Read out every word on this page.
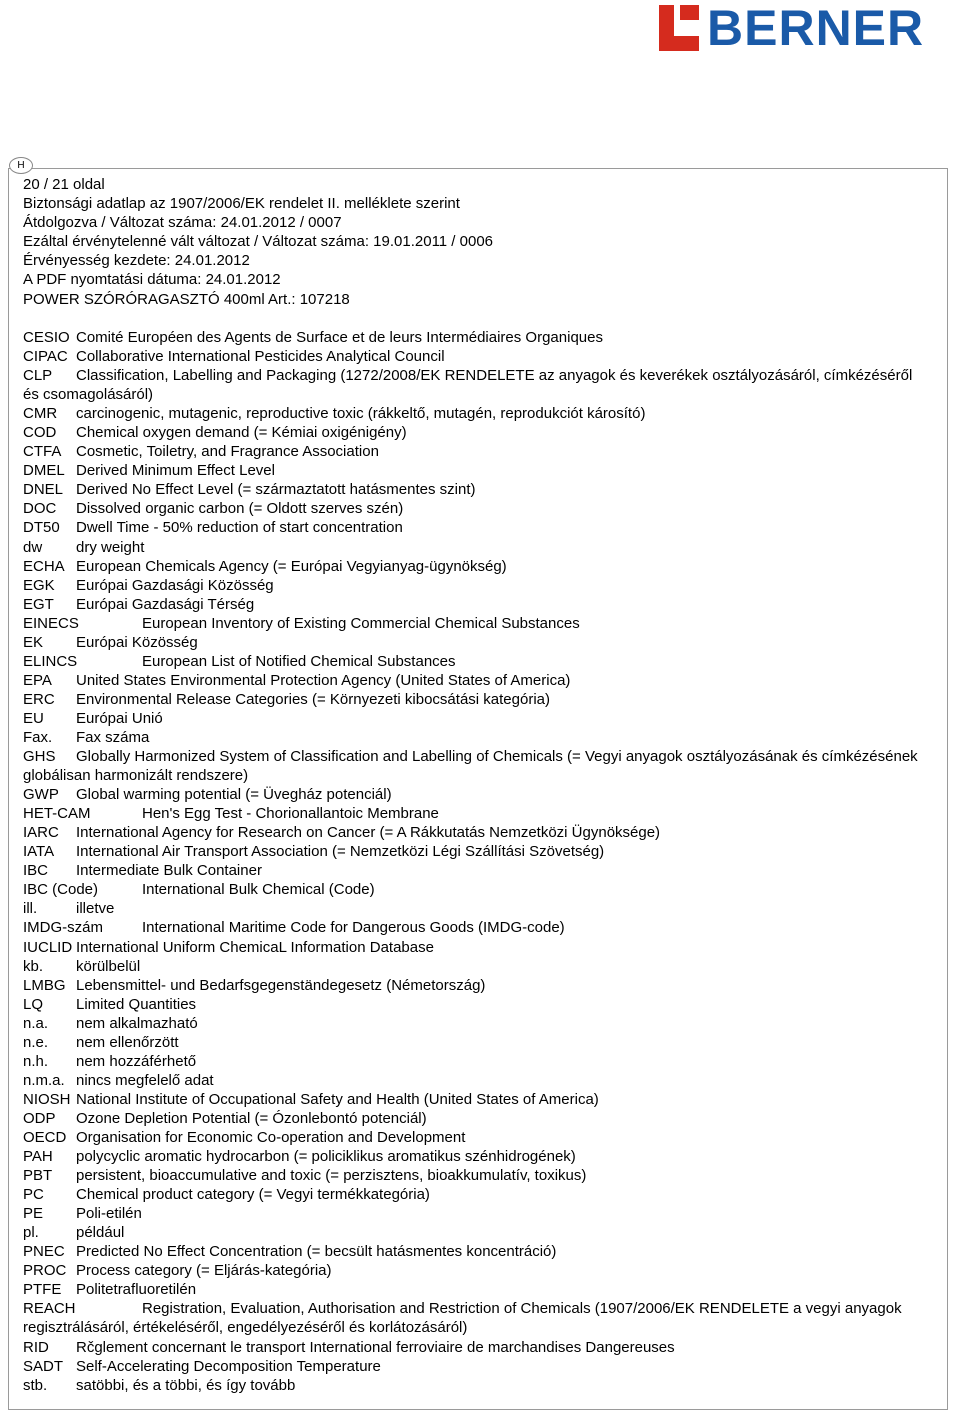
BERNER
H
20 / 21 oldal
Biztonsági adatlap az 1907/2006/EK rendelet II. melléklete szerint
Átdolgozva / Változat száma: 24.01.2012 / 0007
Ezáltal érvénytelenné vált változat / Változat száma: 19.01.2011 / 0006
Érvényesség kezdete: 24.01.2012
A PDF nyomtatási dátuma: 24.01.2012
POWER SZÓRÓRAGASZTÓ 400ml Art.: 107218
CESIO Comité Européen des Agents de Surface et de leurs Intermédiaires Organiques
CIPAC Collaborative International Pesticides Analytical Council
CLP	Classification, Labelling and Packaging (1272/2008/EK RENDELETE az anyagok és keverékek osztályozásáról, címkézéséről és csomagolásáról)
CMR carcinogenic, mutagenic, reproductive toxic (rákkeltő, mutagén, reprodukciót károsító)
COD Chemical oxygen demand (= Kémiai oxigénigény)
CTFA Cosmetic, Toiletry, and Fragrance Association
DMEL Derived Minimum Effect Level
DNEL Derived No Effect Level (= származtatott hatásmentes szint)
DOC Dissolved organic carbon (= Oldott szerves szén)
DT50 Dwell Time - 50% reduction of start concentration
dw dry weight
ECHA European Chemicals Agency (= Európai Vegyianyag-ügynökség)
EGK Európai Gazdasági Közösség
EGT Európai Gazdasági Térség
EINECS	European Inventory of Existing Commercial Chemical Substances
EK Európai Közösség
ELINCS	European List of Notified Chemical Substances
EPA United States Environmental Protection Agency (United States of America)
ERC Environmental Release Categories (= Környezeti kibocsátási kategória)
EU Európai Unió
Fax. Fax száma
GHS	Globally Harmonized System of Classification and Labelling of Chemicals (= Vegyi anyagok osztályozásának és címkézésének globálisan harmonizált rendszere)
GWP Global warming potential (= Üvegház potenciál)
HET-CAM	Hen's Egg Test - Chorionallantoic Membrane
IARC International Agency for Research on Cancer (= A Rákkutatás Nemzetközi Ügynöksége)
IATA International Air Transport Association (= Nemzetközi Légi Szállítási Szövetség)
IBC Intermediate Bulk Container
IBC (Code)	International Bulk Chemical (Code)
ill.	illetve
IMDG-szám	International Maritime Code for Dangerous Goods (IMDG-code)
IUCLID International Uniform ChemicaL Information Database
kb. körülbelül
LMBG Lebensmittel- und Bedarfsgegenständegesetz (Németország)
LQ Limited Quantities
n.a. nem alkalmazható
n.e. nem ellenőrzött
n.h. nem hozzáférhető
n.m.a. nincs megfelelő adat
NIOSH National Institute of Occupational Safety and Health (United States of America)
ODP Ozone Depletion Potential (= Ózonlebontó potenciál)
OECD Organisation for Economic Co-operation and Development
PAH polycyclic aromatic hydrocarbon (= policiklikus aromatikus szénhidrogének)
PBT persistent, bioaccumulative and toxic (= perzisztens, bioakkumulatív, toxikus)
PC Chemical product category (= Vegyi termékkategória)
PE Poli-etilén
pl. például
PNEC Predicted No Effect Concentration (= becsült hatásmentes koncentráció)
PROC Process category (= Eljárás-kategória)
PTFE Politetrafluoretilén
REACH	Registration, Evaluation, Authorisation and Restriction of Chemicals (1907/2006/EK RENDELETE a vegyi anyagok regisztrálásáról, értékeléséről, engedélyezéséről és korlátozásáról)
RID Rčglement concernant le transport International ferroviaire de marchandises Dangereuses
SADT Self-Accelerating Decomposition Temperature
stb. satöbbi, és a többi, és így tovább
